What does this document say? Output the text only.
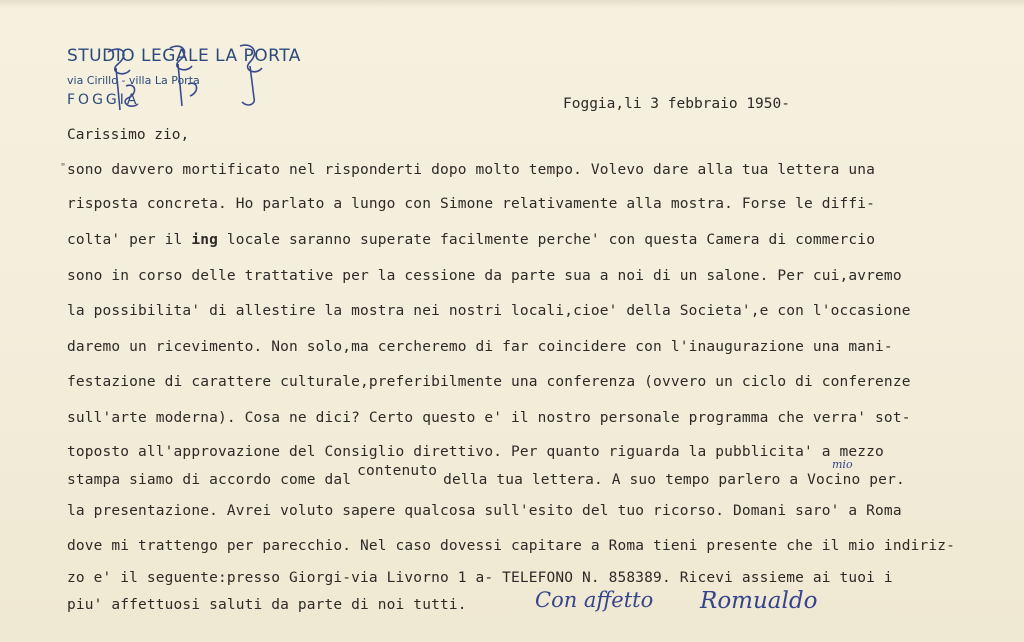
STUDIO LEGALE LA PORTA
via Cirillo - villa La Porta
FOGGIA	Foggia,li 3 febbraio 1950-
Carissimo zio,
" sono davvero mortificato nel risponderti dopo molto tempo. Volevo dare alla tua lettera una
risposta concreta. Ho parlato a lungo con Simone relativamente alla mostra. Forse le diffi-
colta' per il ing locale saranno superate facilmente perche' con questa Camera di commercio
sono in corso delle trattative per la cessione da parte sua a noi di un salone. Per cui,avremo
la possibilita' di allestire la mostra nei nostri locali,cioe' della Societa',e con l'occasione
daremo un ricevimento. Non solo,ma cercheremo di far coincidere con l'inaugurazione una mani-
festazione di carattere culturale,preferibilmente una conferenza (ovvero un ciclo di conferenze
sull'arte moderna). Cosa ne dici? Certo questo e' il nostro personale programma che verra' sot-
toposto all'approvazione del Consiglio direttivo. Per quanto riguarda la pubblicita' a mezzo
stampa siamo di accordo come dalcontenutodella tua lettera. A suo tempo parlero a Vocino per.
mio
la presentazione. Avrei voluto sapere qualcosa sull'esito del tuo ricorso. Domani saro' a Roma
dove mi trattengo per parecchio. Nel caso dovessi capitare a Roma tieni presente che il mio indiriz-
zo e' il seguente:presso Giorgi-via Livorno 1 a- TELEFONO N. 858389. Ricevi assieme ai tuoi i
piu' affettuosi saluti da parte di noi tutti.	Con affetto Romualdo
